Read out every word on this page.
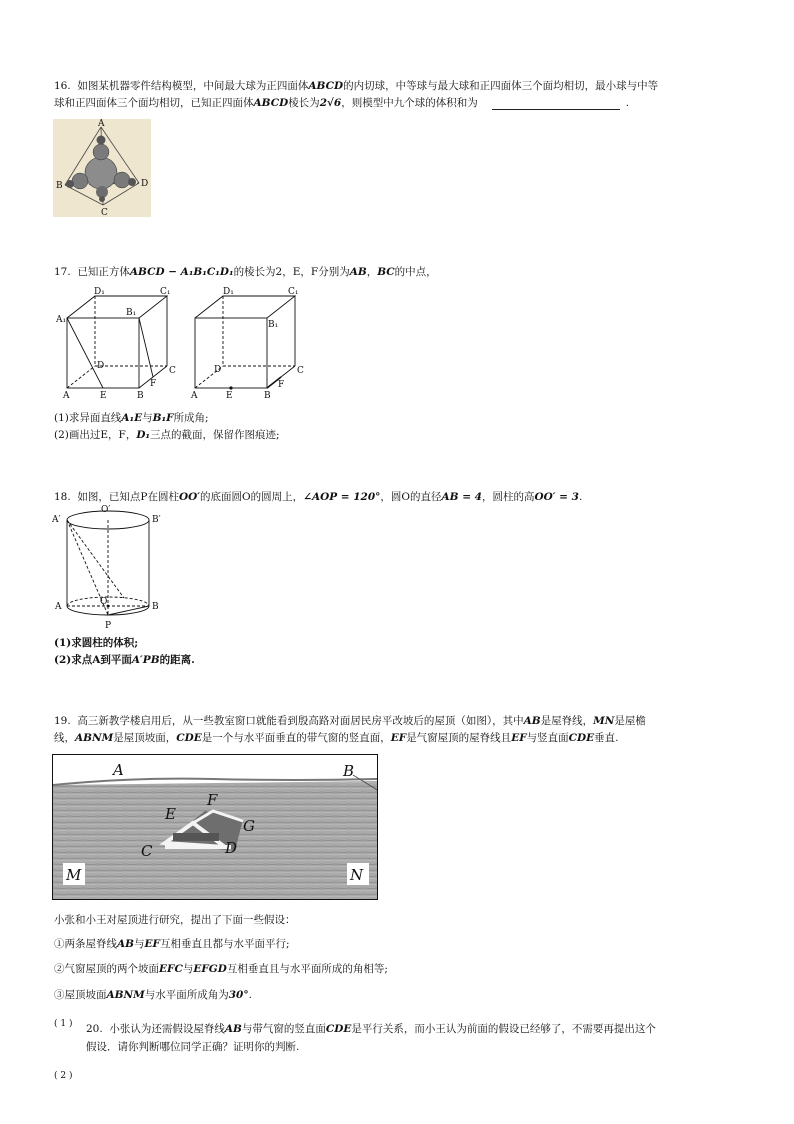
16. 如图某机器零件结构模型，中间最大球为正四面体ABCD的内切球，中等球与最大球和正四面体三个面均相切，最小球与中等
球和正四面体三个面均相切，已知正四面体ABCD棱长为2√6，则模型中九个球的体积和为	.
A
B
C
D
17. 已知正方体ABCD − A₁B₁C₁D₁的棱长为2，E，F分别为AB，BC的中点，
A₁
D₁	C₁
B₁
D	C
A	E	B
F
D₁	C₁
B₁
D	C
A	E	B
F
(1)求异面直线A₁E与B₁F所成角;
(2)画出过E，F，D₁三点的截面，保留作图痕迹;
18. 如图，已知点P在圆柱OO′的底面圆O的圆周上，∠AOP = 120°，圆O的直径AB = 4，圆柱的高OO′ = 3.
A′
O′
B′
A	O	B
P
(1)求圆柱的体积;
(2)求点A到平面A′PB的距离.
19. 高三新教学楼启用后，从一些教室窗口就能看到殷高路对面居民房平改坡后的屋顶（如图），其中AB是屋脊线，MN是屋檐
线，ABNM是屋顶坡面，CDE是一个与水平面垂直的带气窗的竖直面，EF是气窗屋顶的屋脊线且EF与竖直面CDE垂直.
A	B
E
F
G
C	D
M	N
小张和小王对屋顶进行研究，提出了下面一些假设：
①两条屋脊线AB与EF互相垂直且都与水平面平行;
②气窗屋顶的两个坡面EFC与EFGD互相垂直且与水平面所成的角相等;
③屋顶坡面ABNM与水平面所成角为30°.
( 1 ) 20. 小张认为还需假设屋脊线AB与带气窗的竖直面CDE是平行关系，而小王认为前面的假设已经够了，不需要再提出这个
假设．请你判断哪位同学正确？证明你的判断.
( 2 )
